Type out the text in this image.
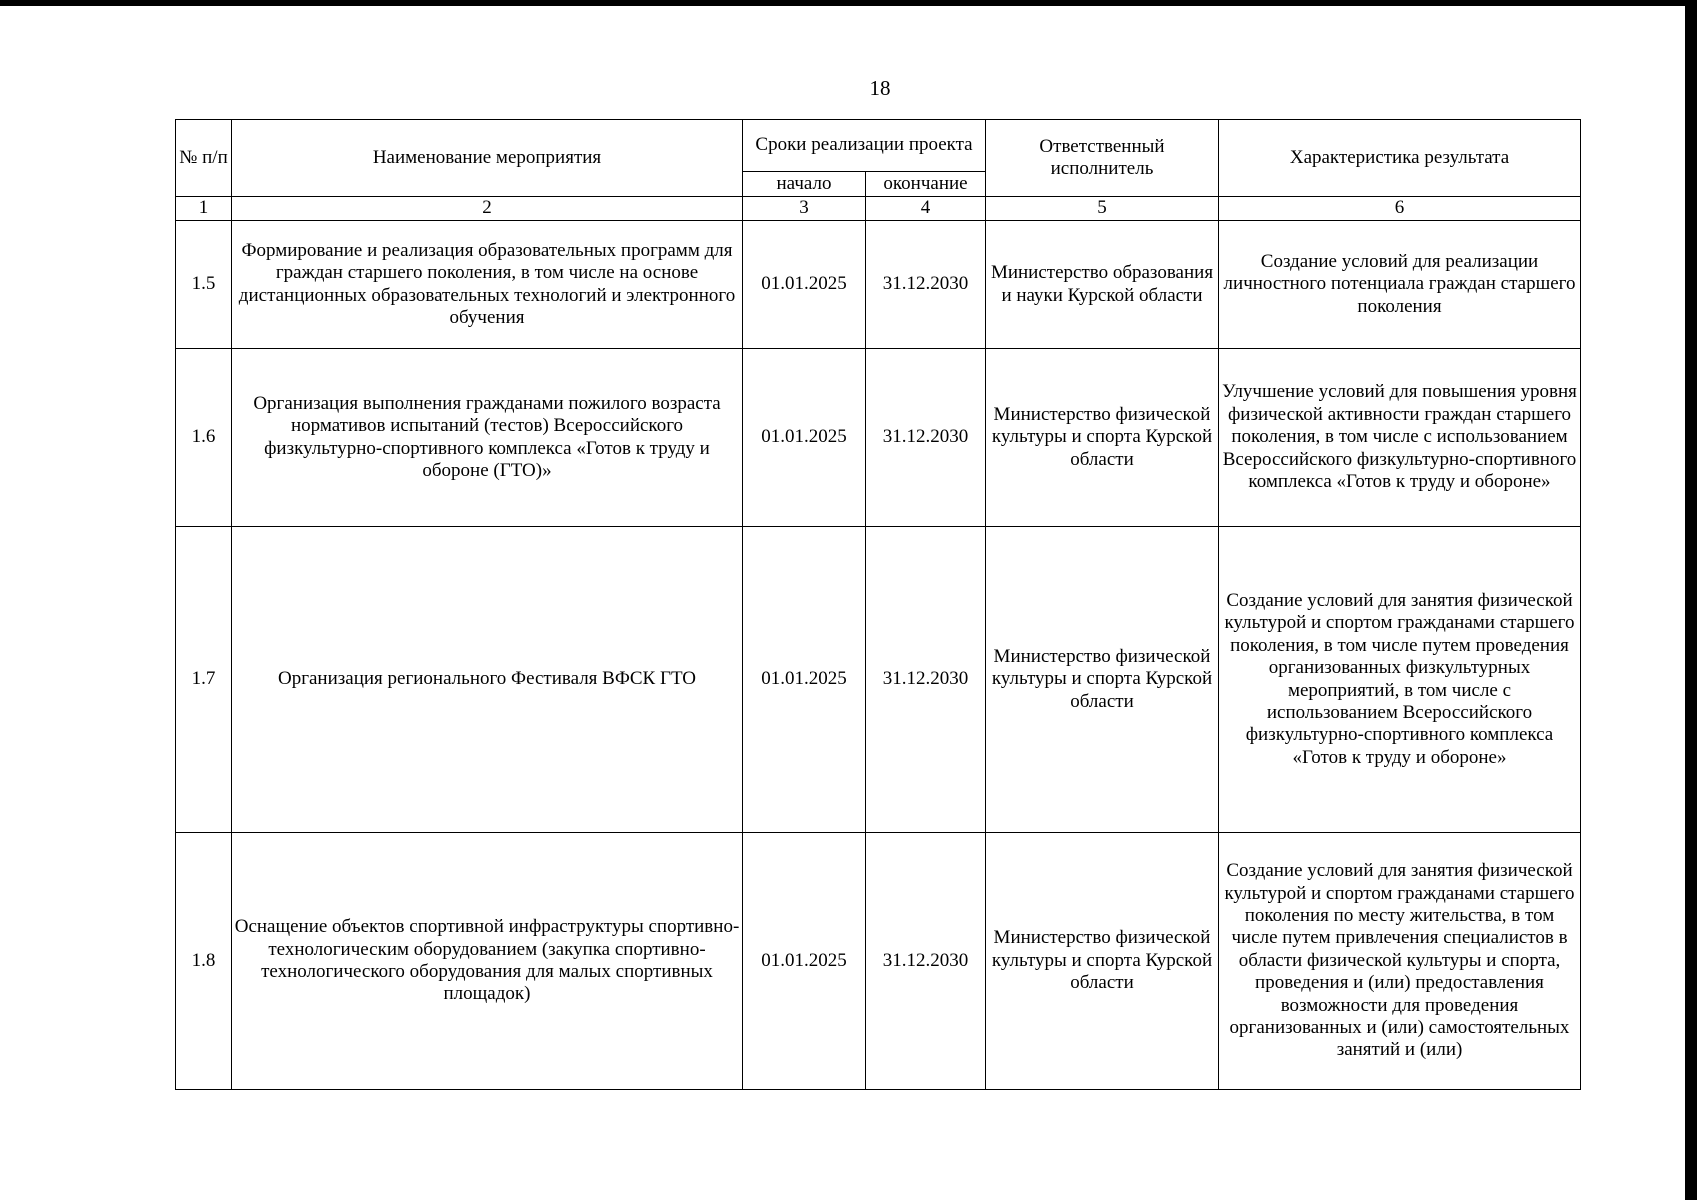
18
№ п/п	Наименование мероприятия	Сроки реализации проекта		Ответственный исполнитель	Характеристика результата
		начало	окончание		
1	2	3	4	5	6
1.5	Формирование и реализация образовательных программ для граждан старшего поколения, в том числе на основе дистанционных образовательных технологий и электронного обучения	01.01.2025	31.12.2030	Министерство образования и науки Курской области	Создание условий для реализации личностного потенциала граждан старшего поколения
1.6	Организация выполнения гражданами пожилого возраста нормативов испытаний (тестов) Всероссийского физкультурно-спортивного комплекса «Готов к труду и обороне (ГТО)»	01.01.2025	31.12.2030	Министерство физической культуры и спорта Курской области	Улучшение условий для повышения уровня физической активности граждан старшего поколения, в том числе с использованием Всероссийского физкультурно-спортивного комплекса «Готов к труду и обороне»
1.7	Организация регионального Фестиваля ВФСК ГТО	01.01.2025	31.12.2030	Министерство физической культуры и спорта Курской области	Создание условий для занятия физической культурой и спортом гражданами старшего поколения, в том числе путем проведения организованных физкультурных мероприятий, в том числе с использованием Всероссийского физкультурно-спортивного комплекса «Готов к труду и обороне»
1.8	Оснащение объектов спортивной инфраструктуры спортивно-технологическим оборудованием (закупка спортивно-технологического оборудования для малых спортивных площадок)	01.01.2025	31.12.2030	Министерство физической культуры и спорта Курской области	Создание условий для занятия физической культурой и спортом гражданами старшего поколения по месту жительства, в том числе путем привлечения специалистов в области физической культуры и спорта, проведения и (или) предоставления возможности для проведения организованных и (или) самостоятельных занятий и (или)
